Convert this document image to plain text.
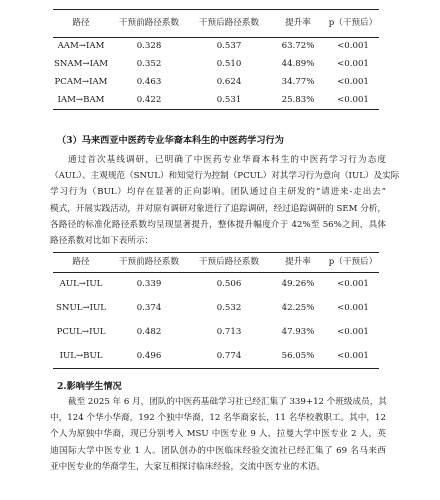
路径	干预前路径系数	干预后路径系数	提升率	p（干预后）
AAM→IAM	0.328	0.537	63.72%	<0.001
SNAM→IAM	0.352	0.510	44.89%	<0.001
PCAM→IAM	0.463	0.624	34.77%	<0.001
IAM→BAM	0.422	0.531	25.83%	<0.001
（3）马来西亚中医药专业华裔本科生的中医药学习行为
通过首次基线调研，已明确了中医药专业华裔本科生的中医药学习行为态度
（AUL）、主观规范（SNUL）和知觉行为控制（PCUL）对其学习行为意向（IUL）及实际
学习行为（BUL）均存在显著的正向影响。团队通过自主研发的“请进来-走出去”
模式，开展实践活动，并对原有调研对象进行了追踪调研，经过追踪调研的 SEM 分析，
各路径的标准化路径系数均呈现显著提升，整体提升幅度介于 42%至 56%之间，具体
路径系数对比如下表所示：
路径	干预前路径系数	干预后路径系数	提升率	p（干预后）
AUL→IUL	0.339	0.506	49.26%	<0.001
SNUL→IUL	0.374	0.532	42.25%	<0.001
PCUL→IUL	0.482	0.713	47.93%	<0.001
IUL→BUL	0.496	0.774	56.05%	<0.001
2.影响学生情况
截至 2025 年 6 月，团队的中医药基础学习社已经汇集了 339+12 个班级成员，其
中，124 个华小华裔，192 个独中华裔，12 名华裔家长，11 名华校教职工。其中，12
个人为原独中华裔，现已分别考入 MSU 中医专业 9 人，拉曼大学中医专业 2 人，英
迪国际大学中医专业 1 人。团队创办的中医临床经验交流社已经汇集了 69 名马来西
亚中医专业的华裔学生，大家互相探讨临床经验，交流中医专业的术语。
